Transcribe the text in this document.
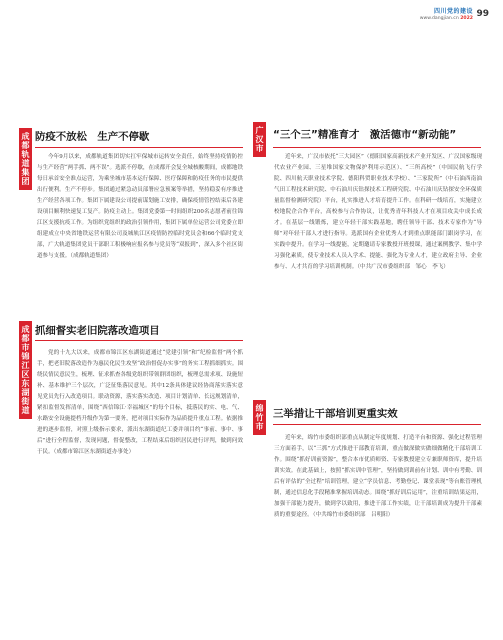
四川党的建设
www.dangjian.cn 2022 99
成
都
轨
道
集
团
防疫不放松　生产不停歇
今年9月以来，成都轨道集团切实扛牢保城市运转安全责任，始终坚持疫情防控与生产经营“两手抓、两不误”。选派不停歇，在成都开会复全城核酸期间，成都地铁每日承首安全准点运营，为乘坐城市基本运行保障、医疗保障和防疫任务的市民提供出行便利。生产不停步。集团通过紧急动员部署应急预案等举措，坚持稳妥有序推进生产经营各项工作。集团下属建设公司提前谋划施工安排，确保疫情管控结束后各建设项目顺利快速复工复产。防疫主动上。集团党委第一时间组织200名志愿者前往锦江区支援抗疫工作。为组织党组织的政治引领作用，集团下属单位运营公司党委立即组建成立中央省地铁运营有限公司及城轨江区疫情防控临时党员会和66个临时党支部，广大轨道集团党员干部职工积极响应报名参与党员等“双报到”，深入多个社区街道参与支援。（成都轨道集团）
广
汉
市
“三个三”精准育才　激活德市“新动能”
近年来，广汉市依托“三大园区”（德阳国家高新技术产业开发区、广汉国家级现代农业产业园、三星堆国家文物保护利用示范区）、“三所高校”（中国民航飞行学院、四川航天职业技术学院、德阳科贸职业技术学校）、“三家院所”（中石油西南油气田工程技术研究院、中石油川庆钻探技术工程研究院、中石油川庆钻探安全环保质量监督检测研究院）平台，扎实推进人才培育提升工作。在科研一线培育，实施建立校地院企合作平台，高校参与合作协议，让优秀青年科技人才在项目攻关中成长成才。在基层一线锻炼，建立年轻干部实践基地，聘任领导干部、技术专家作为“导师”对年轻干部人才进行指导。选派国有企业优秀人才到重点职能部门跟岗学习，在实践中提升。在学习一线提能，定期邀请专家教授开班授课，通过案例教学、集中学习强化素质，使专业技术人员入学术、提能、强化为专业人才，建立政府主导、企业参与、人才共育的学习培训机制。（中共广汉市委组织部　邹心　李飞）
成
都
市
锦
江
区
东
湖
街
道
抓细督实老旧院落改造项目
党的十九大以来，成都市锦江区东湖街道通过“党建引领”和“纪检监督”两个抓手，把老旧院落改造作为惠民化民生攻坚“政治督促办实事”的务实工程抓细抓实。围绕民情民意民生，梳理、征求抓查各级党组织带领群团组织，梳理总需求项、设施短补、基本维护三个层次，广泛征集落民意见。其中12条具体建议经协商落实落实意见党员先行入改造项目。联动资源，落实落实改造、项目计划清单、长远规划清单，紧扣监督发挥清单，围绕“西信锦江·幸福城区”的每个目标，抵落民的实、电、气、水路安全设施提档升级作为第一要务，把对项目实际作为品质提升重点工程。依据推进的逐步监督，对照上级指示要求，派出东湖街道纪工委并项目约“事前、事中、事后”进行全程监督，发现问题，督促整改，工程结束后组织居民进行评判，做到问效于民。（成都市锦江区东湖街道办事处）
绵
竹
市
三举措让干部培训更重实效
近年来，绵竹市委组织部重点从制定年度规划、打造平台和资源、强化过程管理三方面着手，以“三抓”方式推进干部教育培训，重点做深做实做细做精化干部培训工作。围绕“抓好训前资源”，整合本市优质师资、专家教授建立专兼职师资库，提升培训实效。在此基础上，按照“抓实训中管理”，坚持做到训前有计划、训中有考勤、训后有评估的“全过程”培训管理，建立“学员信息、考勤登记、课堂表现”等台账管理机制，通过信息化手段精准掌握培训动态。围绕“抓好训后运用”，注重培训结果运用，加强干部能力提升，做到学以致用，推进干部工作实绩，让干部培训成为提升干部素质的重要途径。（中共绵竹市委组织部　吕明阳）
